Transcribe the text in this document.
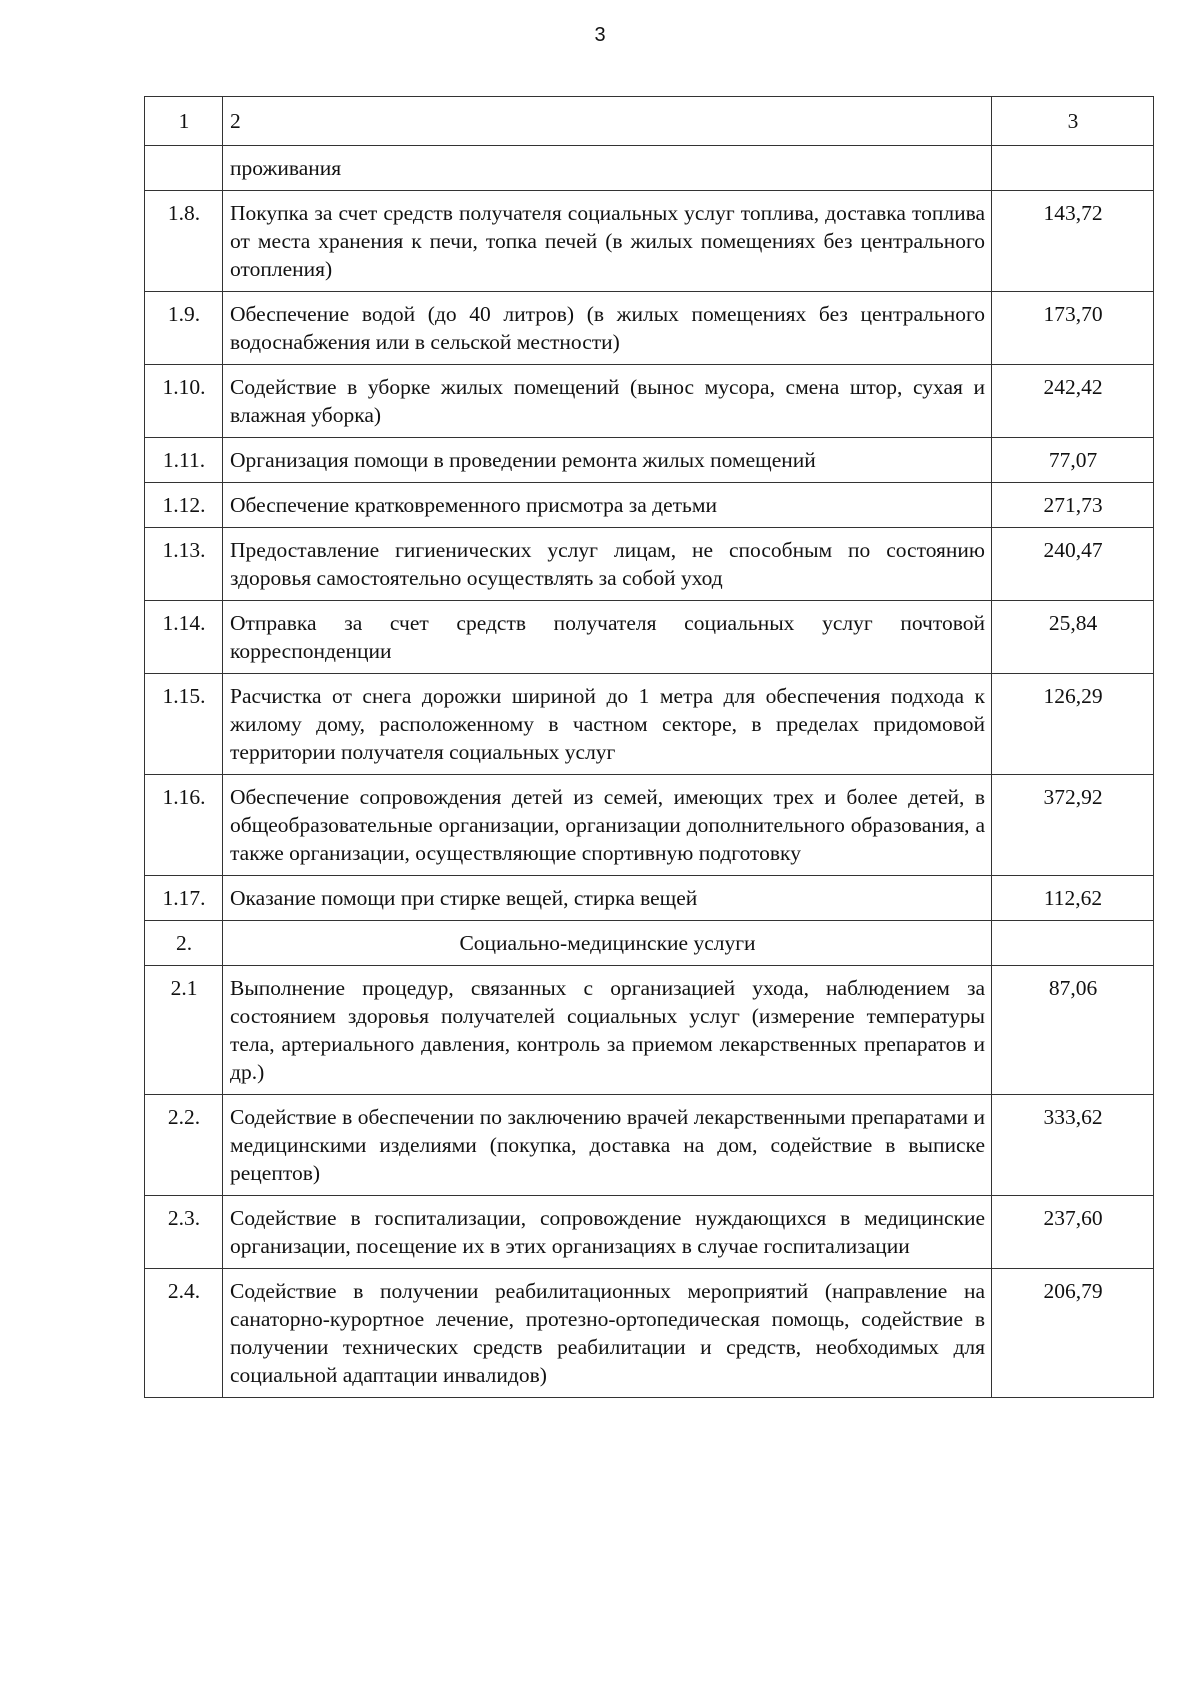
3
1	2	3
	проживания	
1.8.	Покупка за счет средств получателя социальных услуг топлива, доставка топлива от места хранения к печи, топка печей (в жилых помещениях без центрального отопления)	143,72
1.9.	Обеспечение водой (до 40 литров) (в жилых помещениях без центрального водоснабжения или в сельской местности)	173,70
1.10.	Содействие в уборке жилых помещений (вынос мусора, смена штор, сухая и влажная уборка)	242,42
1.11.	Организация помощи в проведении ремонта жилых помещений	77,07
1.12.	Обеспечение кратковременного присмотра за детьми	271,73
1.13.	Предоставление гигиенических услуг лицам, не способным по состоянию здоровья самостоятельно осуществлять за собой уход	240,47
1.14.	Отправка за счет средств получателя социальных услуг почтовой корреспонденции	25,84
1.15.	Расчистка от снега дорожки шириной до 1 метра для обеспечения подхода к жилому дому, расположенному в частном секторе, в пределах придомовой территории получателя социальных услуг	126,29
1.16.	Обеспечение сопровождения детей из семей, имеющих трех и более детей, в общеобразовательные организации, организации дополнительного образования, а также организации, осуществляющие спортивную подготовку	372,92
1.17.	Оказание помощи при стирке вещей, стирка вещей	112,62
2.	Социально-медицинские услуги	
2.1	Выполнение процедур, связанных с организацией ухода, наблюдением за состоянием здоровья получателей социальных услуг (измерение температуры тела, артериального давления, контроль за приемом лекарственных препаратов и др.)	87,06
2.2.	Содействие в обеспечении по заключению врачей лекарственными препаратами и медицинскими изделиями (покупка, доставка на дом, содействие в выписке рецептов)	333,62
2.3.	Содействие в госпитализации, сопровождение нуждающихся в медицинские организации, посещение их в этих организациях в случае госпитализации	237,60
2.4.	Содействие в получении реабилитационных мероприятий (направление на санаторно-курортное лечение, протезно-ортопедическая помощь, содействие в получении технических средств реабилитации и средств, необходимых для социальной адаптации инвалидов)	206,79
